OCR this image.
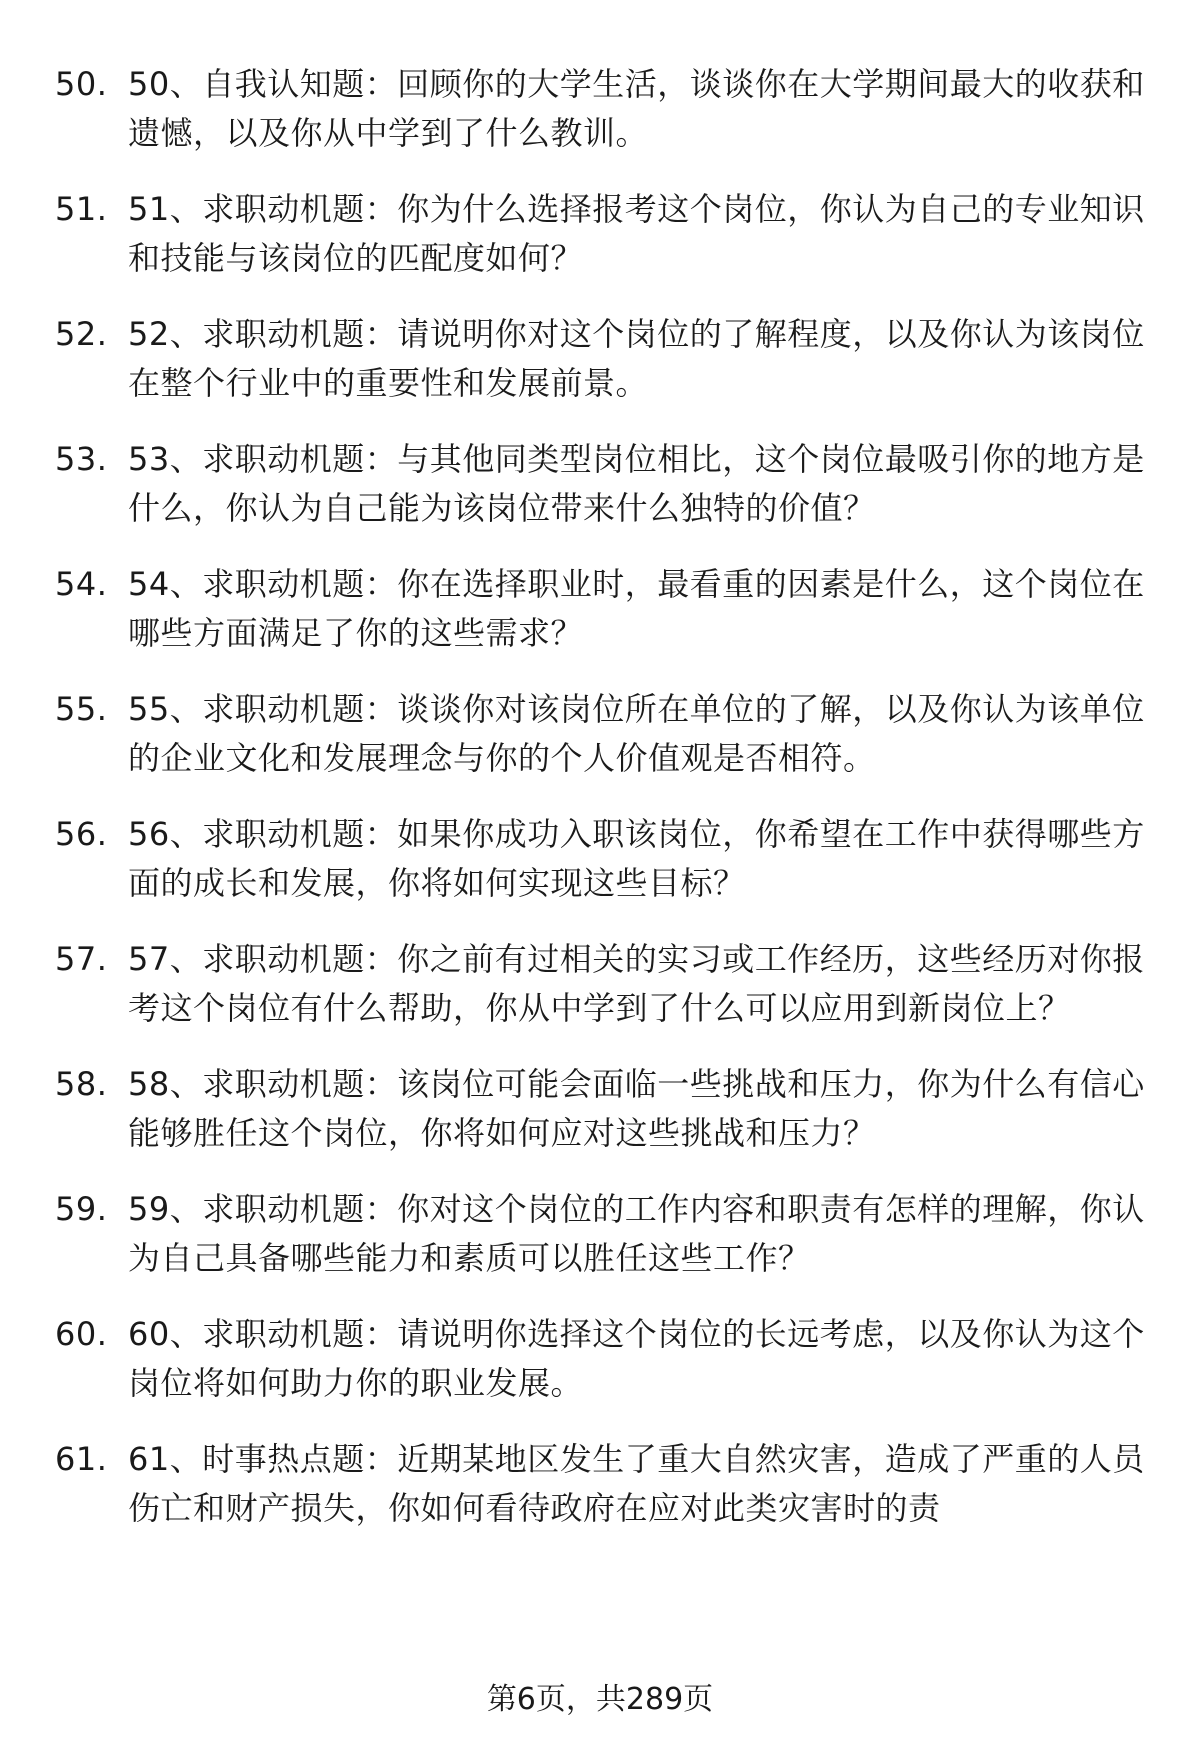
50. 50、自我认知题：回顾你的大学生活，谈谈你在大学期间最大的收获和遗憾，以及你从中学到了什么教训。
51. 51、求职动机题：你为什么选择报考这个岗位，你认为自己的专业知识和技能与该岗位的匹配度如何？
52. 52、求职动机题：请说明你对这个岗位的了解程度，以及你认为该岗位在整个行业中的重要性和发展前景。
53. 53、求职动机题：与其他同类型岗位相比，这个岗位最吸引你的地方是什么，你认为自己能为该岗位带来什么独特的价值？
54. 54、求职动机题：你在选择职业时，最看重的因素是什么，这个岗位在哪些方面满足了你的这些需求？
55. 55、求职动机题：谈谈你对该岗位所在单位的了解，以及你认为该单位的企业文化和发展理念与你的个人价值观是否相符。
56. 56、求职动机题：如果你成功入职该岗位，你希望在工作中获得哪些方面的成长和发展，你将如何实现这些目标？
57. 57、求职动机题：你之前有过相关的实习或工作经历，这些经历对你报考这个岗位有什么帮助，你从中学到了什么可以应用到新岗位上？
58. 58、求职动机题：该岗位可能会面临一些挑战和压力，你为什么有信心能够胜任这个岗位，你将如何应对这些挑战和压力？
59. 59、求职动机题：你对这个岗位的工作内容和职责有怎样的理解，你认为自己具备哪些能力和素质可以胜任这些工作？
60. 60、求职动机题：请说明你选择这个岗位的长远考虑，以及你认为这个岗位将如何助力你的职业发展。
61. 61、时事热点题：近期某地区发生了重大自然灾害，造成了严重的人员伤亡和财产损失，你如何看待政府在应对此类灾害时的责
第6页，共289页
